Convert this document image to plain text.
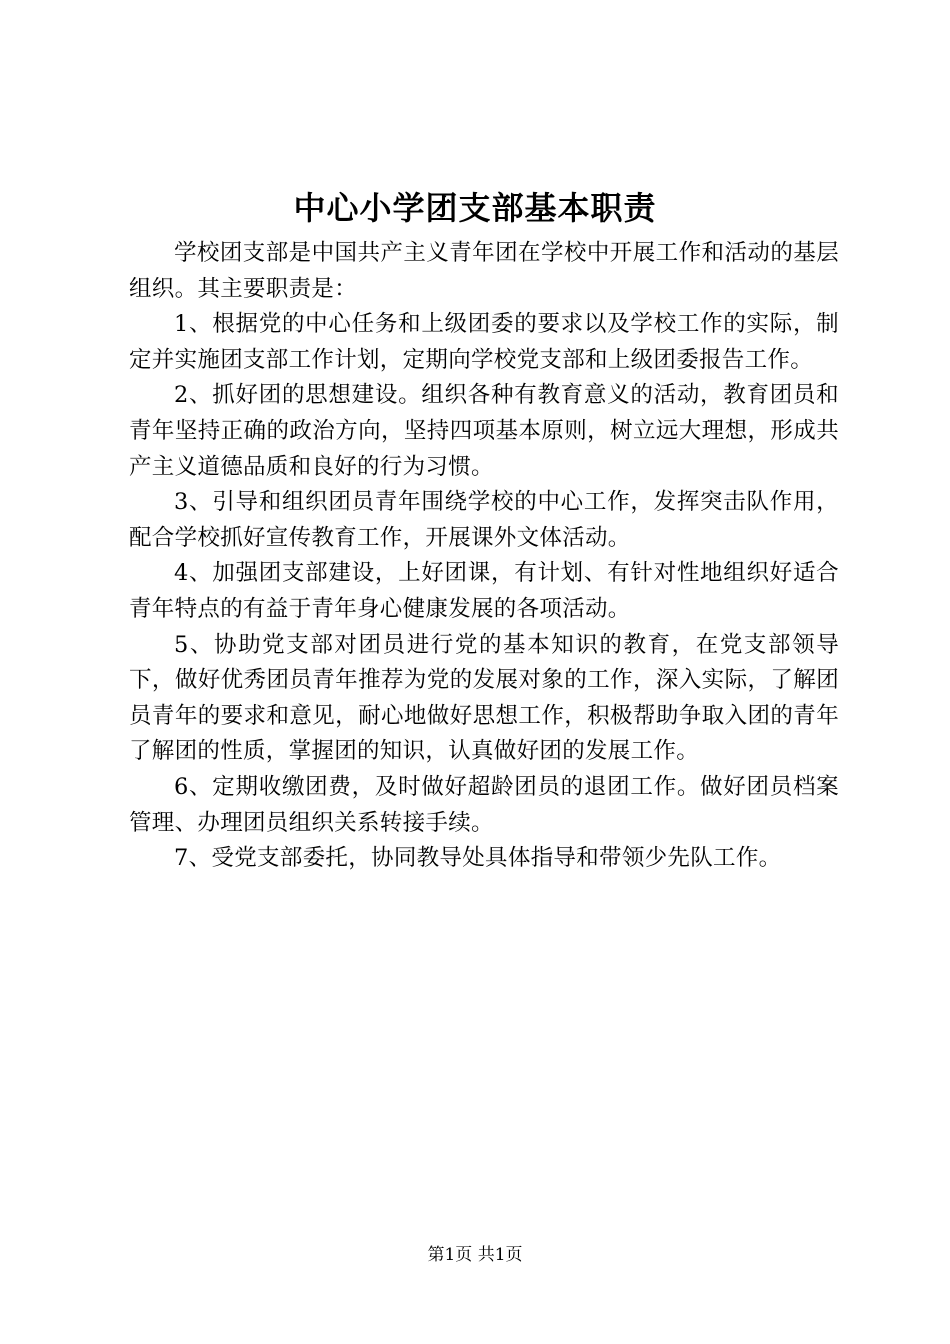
中心小学团支部基本职责

学校团支部是中国共产主义青年团在学校中开展工作和活动的基层组织。其主要职责是：

1、根据党的中心任务和上级团委的要求以及学校工作的实际，制定并实施团支部工作计划，定期向学校党支部和上级团委报告工作。

2、抓好团的思想建设。组织各种有教育意义的活动，教育团员和青年坚持正确的政治方向，坚持四项基本原则，树立远大理想，形成共产主义道德品质和良好的行为习惯。

3、引导和组织团员青年围绕学校的中心工作，发挥突击队作用，配合学校抓好宣传教育工作，开展课外文体活动。

4、加强团支部建设，上好团课，有计划、有针对性地组织好适合青年特点的有益于青年身心健康发展的各项活动。

5、协助党支部对团员进行党的基本知识的教育，在党支部领导下，做好优秀团员青年推荐为党的发展对象的工作，深入实际，了解团员青年的要求和意见，耐心地做好思想工作，积极帮助争取入团的青年了解团的性质，掌握团的知识，认真做好团的发展工作。

6、定期收缴团费，及时做好超龄团员的退团工作。做好团员档案管理、办理团员组织关系转接手续。

7、受党支部委托，协同教导处具体指导和带领少先队工作。

第1页 共1页
